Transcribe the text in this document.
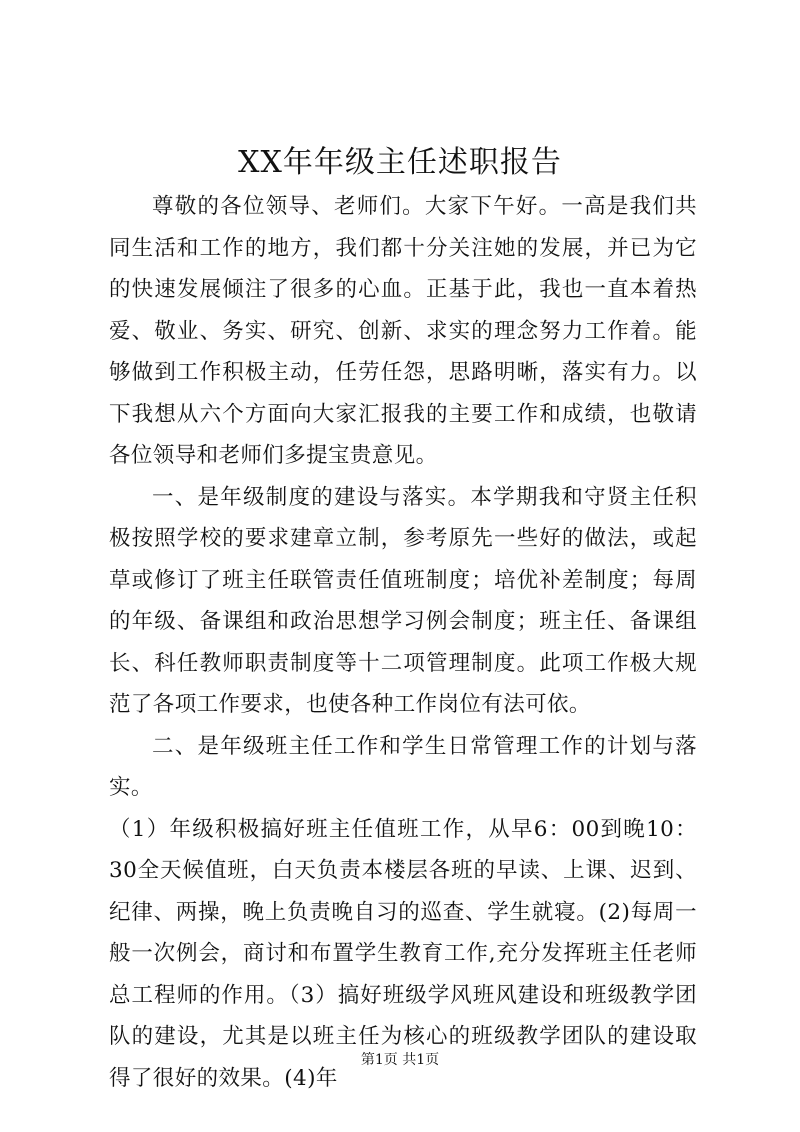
XX年年级主任述职报告

尊敬的各位领导、老师们。大家下午好。一高是我们共同生活和工作的地方，我们都十分关注她的发展，并已为它的快速发展倾注了很多的心血。正基于此，我也一直本着热爱、敬业、务实、研究、创新、求实的理念努力工作着。能够做到工作积极主动，任劳任怨，思路明晰，落实有力。以下我想从六个方面向大家汇报我的主要工作和成绩，也敬请各位领导和老师们多提宝贵意见。

一、是年级制度的建设与落实。本学期我和守贤主任积极按照学校的要求建章立制，参考原先一些好的做法，或起草或修订了班主任联管责任值班制度；培优补差制度；每周的年级、备课组和政治思想学习例会制度；班主任、备课组长、科任教师职责制度等十二项管理制度。此项工作极大规范了各项工作要求，也使各种工作岗位有法可依。

二、是年级班主任工作和学生日常管理工作的计划与落实。

（1）年级积极搞好班主任值班工作，从早6：00到晚10：30全天候值班，白天负责本楼层各班的早读、上课、迟到、纪律、两操，晚上负责晚自习的巡查、学生就寝。(2)每周一般一次例会，商讨和布置学生教育工作,充分发挥班主任老师总工程师的作用。（3）搞好班级学风班风建设和班级教学团队的建设，尤其是以班主任为核心的班级教学团队的建设取得了很好的效果。(4)年

第1页 共1页
